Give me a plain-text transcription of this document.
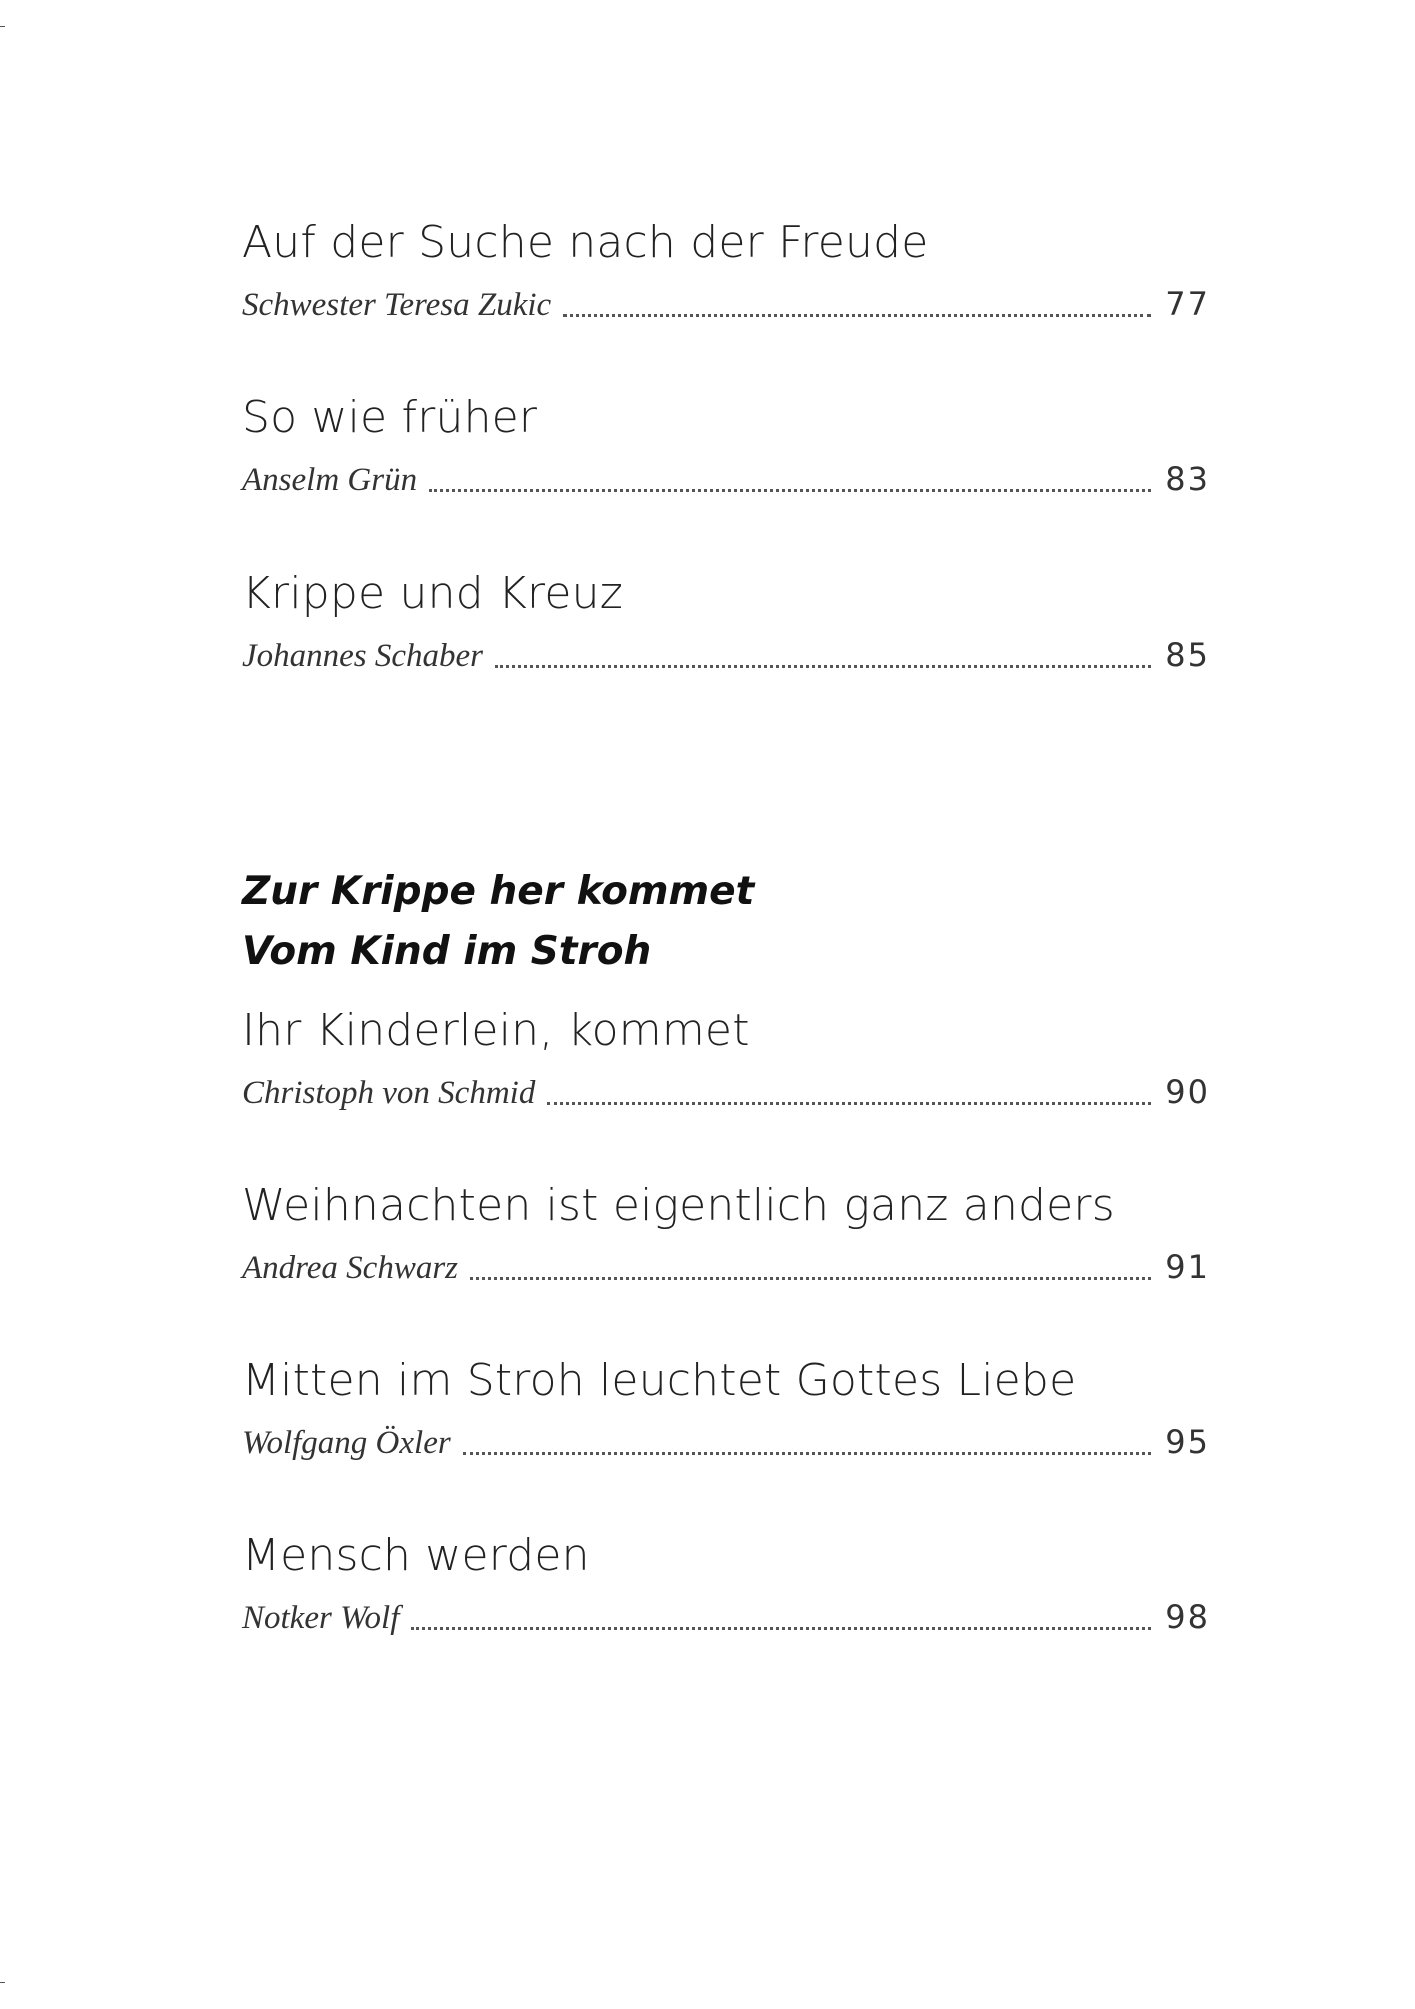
Auf der Suche nach der Freude
Schwester Teresa Zukic	77
So wie früher
Anselm Grün	83
Krippe und Kreuz
Johannes Schaber	85
Zur Krippe her kommet
Vom Kind im Stroh
Ihr Kinderlein, kommet
Christoph von Schmid	90
Weihnachten ist eigentlich ganz anders
Andrea Schwarz	91
Mitten im Stroh leuchtet Gottes Liebe
Wolfgang Öxler	95
Mensch werden
Notker Wolf	98
